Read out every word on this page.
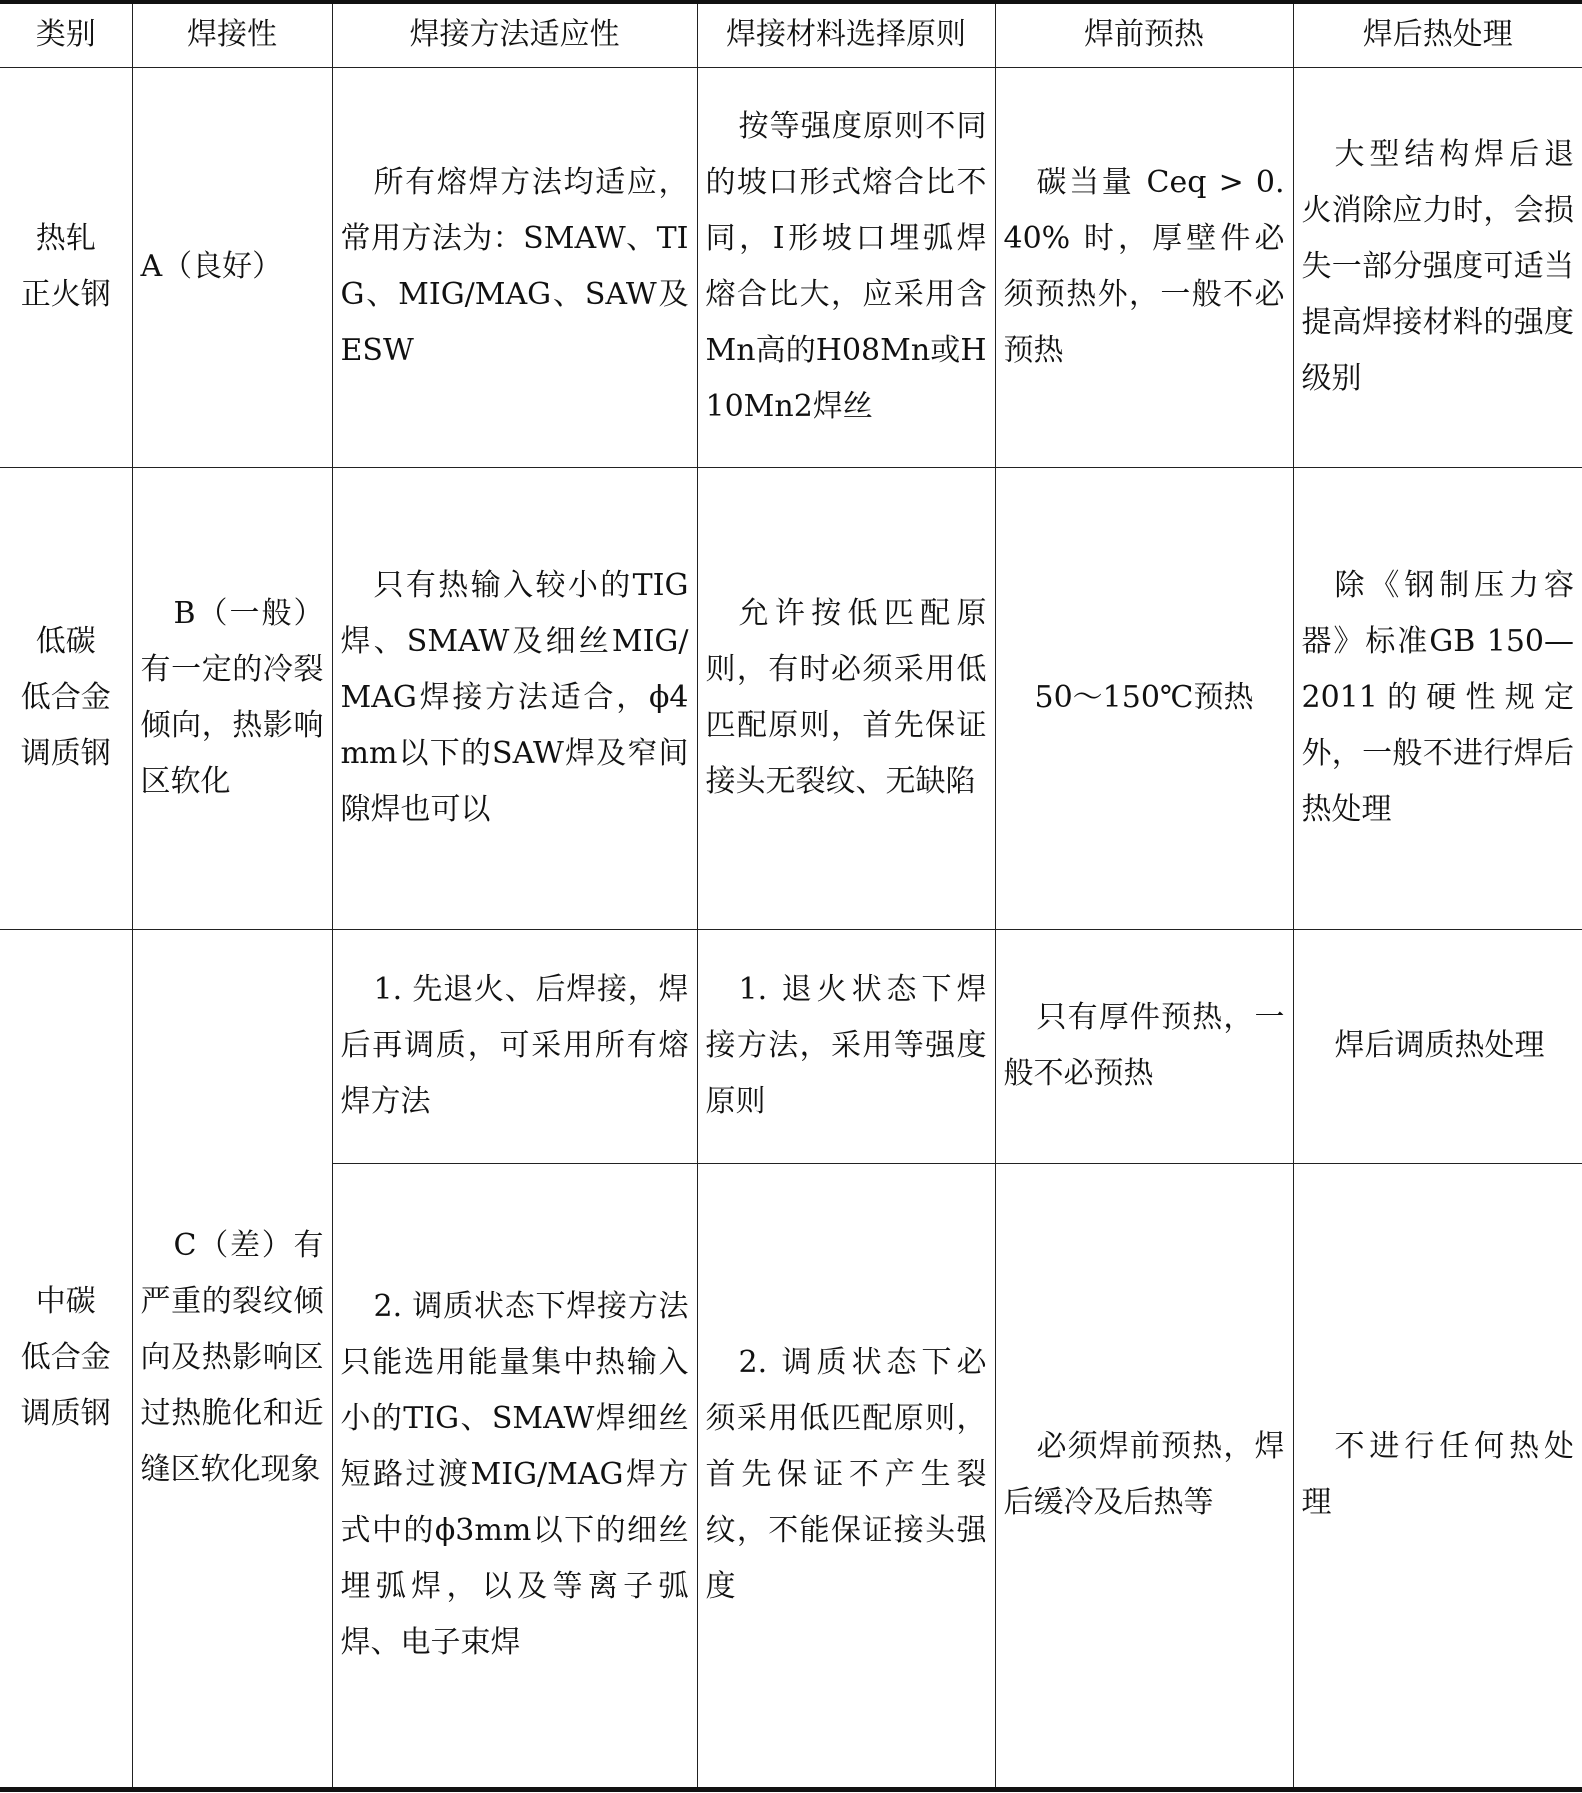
类别	焊接性	焊接方法适应性	焊接材料选择原则	焊前预热	焊后热处理

热轧
正火钢	A（良好）	所有熔焊方法均适应，常用方法为：SMAW、TIG、MIG/MAG、SAW及ESW	按等强度原则不同的坡口形式熔合比不同，I形坡口埋弧焊熔合比大，应采用含Mn高的H08Mn或H10Mn2焊丝	碳当量 Ceq > 0.40% 时，厚壁件必须预热外，一般不必预热	大型结构焊后退火消除应力时，会损失一部分强度可适当提高焊接材料的强度级别

低碳
低合金
调质钢	B（一般）有一定的冷裂倾向，热影响区软化	只有热输入较小的TIG焊、SMAW及细丝MIG/MAG焊接方法适合，ϕ4mm以下的SAW焊及窄间隙焊也可以	允许按低匹配原则，有时必须采用低匹配原则，首先保证接头无裂纹、无缺陷	50～150℃预热	除《钢制压力容器》标准GB 150—2011的硬性规定外，一般不进行焊后热处理

中碳
低合金
调质钢	C（差）有严重的裂纹倾向及热影响区过热脆化和近缝区软化现象	1. 先退火、后焊接，焊后再调质，可采用所有熔焊方法	1. 退火状态下焊接方法，采用等强度原则	只有厚件预热，一般不必预热	焊后调质热处理
		2. 调质状态下焊接方法只能选用能量集中热输入小的TIG、SMAW焊细丝短路过渡MIG/MAG焊方式中的ϕ3mm以下的细丝埋弧焊，以及等离子弧焊、电子束焊	2. 调质状态下必须采用低匹配原则，首先保证不产生裂纹，不能保证接头强度	必须焊前预热，焊后缓冷及后热等	不进行任何热处理
